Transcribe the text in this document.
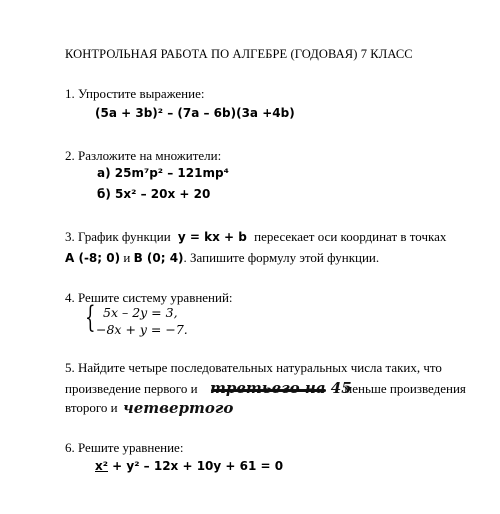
КОНТРОЛЬНАЯ РАБОТА ПО АЛГЕБРЕ (ГОДОВАЯ) 7 КЛАСС
1. Упростите выражение:
(5a + 3b)² – (7a – 6b)(3a +4b)
2. Разложите на множители:
а) 25m⁷p² – 121mp⁴
б) 5x² – 20x + 20
3. График функции y = kx + b пересекает оси координат в точках
A (-8; 0) и B (0; 4). Запишите формулу этой функции.
4. Решите систему уравнений:
{ 5x – 2y = 3,
−8x + y = −7.
5. Найдите четыре последовательных натуральных числа таких, что
произведение первого и	меньше произведения
второго и
третьего на 45
четвертого
6. Решите уравнение:
x² + y² – 12x + 10y + 61 = 0
